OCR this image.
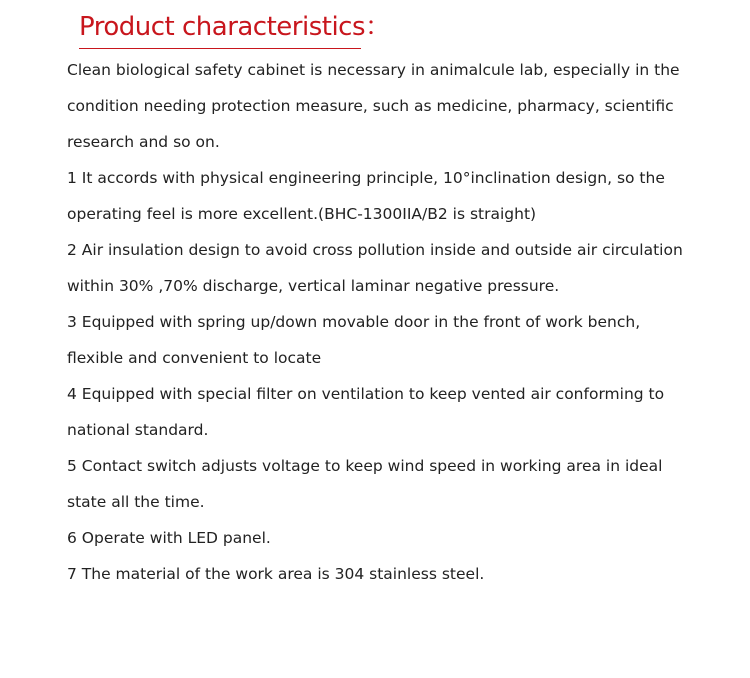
Product characteristics：

Clean biological safety cabinet is necessary in animalcule lab, especially in the condition needing protection measure, such as medicine, pharmacy, scientific research and so on.

1 It accords with physical engineering principle, 10°inclination design, so the operating feel is more excellent.(BHC-1300IIA/B2 is straight)

2 Air insulation design to avoid cross pollution inside and outside air circulation within 30% ,70% discharge, vertical laminar negative pressure.

3 Equipped with spring up/down movable door in the front of work bench, flexible and convenient to locate

4 Equipped with special filter on ventilation to keep vented air conforming to national standard.

5 Contact switch adjusts voltage to keep wind speed in working area in ideal state all the time.

6 Operate with LED panel.

7 The material of the work area is 304 stainless steel.
